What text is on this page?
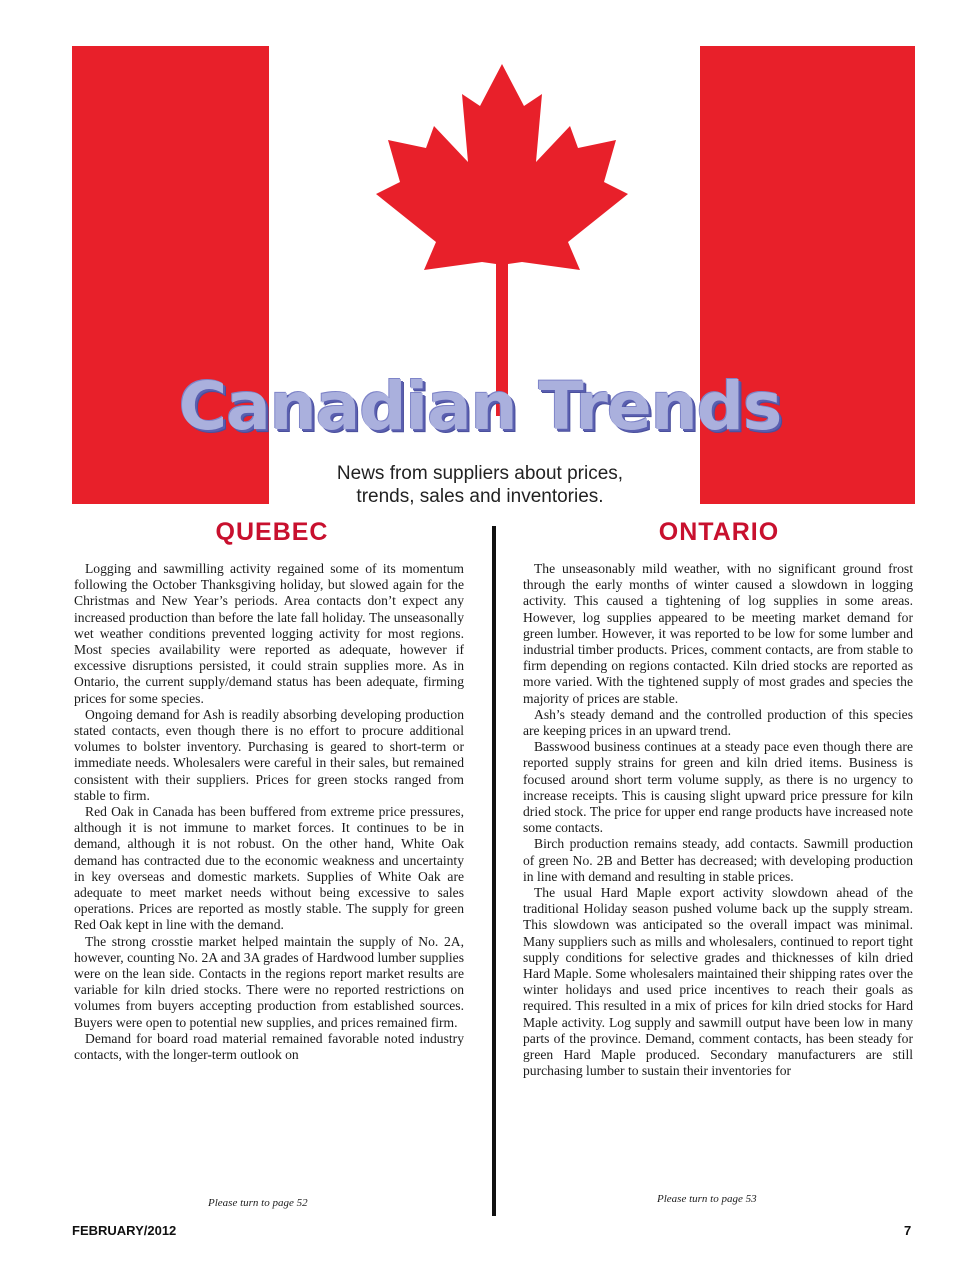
Canadian Trends
News from suppliers about prices,
trends, sales and inventories.
QUEBEC	ONTARIO

Logging and sawmilling activity regained some of its momentum following the October Thanksgiving holiday, but slowed again for the Christmas and New Year’s periods. Area contacts don’t expect any increased production than before the late fall holiday. The unseasonally wet weather conditions prevented logging activity for most regions. Most species availability were reported as adequate, however if excessive disruptions persisted, it could strain supplies more. As in Ontario, the current supply/demand status has been adequate, firming prices for some species.

Ongoing demand for Ash is readily absorbing developing production stated contacts, even though there is no effort to procure additional volumes to bolster inventory. Purchasing is geared to short-term or immediate needs. Wholesalers were careful in their sales, but remained consistent with their suppliers. Prices for green stocks ranged from stable to firm.

Red Oak in Canada has been buffered from extreme price pressures, although it is not immune to market forces. It continues to be in demand, although it is not robust. On the other hand, White Oak demand has contracted due to the economic weakness and uncertainty in key overseas and domestic markets. Supplies of White Oak are adequate to meet market needs without being excessive to sales operations. Prices are reported as mostly stable. The supply for green Red Oak kept in line with the demand.

The strong crosstie market helped maintain the supply of No. 2A, however, counting No. 2A and 3A grades of Hardwood lumber supplies were on the lean side. Contacts in the regions report market results are variable for kiln dried stocks. There were no reported restrictions on volumes from buyers accepting production from established sources. Buyers were open to potential new supplies, and prices remained firm.

Demand for board road material remained favorable noted industry contacts, with the longer-term outlook on

The unseasonably mild weather, with no significant ground frost through the early months of winter caused a slowdown in logging activity. This caused a tightening of log supplies in some areas. However, log supplies appeared to be meeting market demand for green lumber. However, it was reported to be low for some lumber and industrial timber products. Prices, comment contacts, are from stable to firm depending on regions contacted. Kiln dried stocks are reported as more varied. With the tightened supply of most grades and species the majority of prices are stable.

Ash’s steady demand and the controlled production of this species are keeping prices in an upward trend.

Basswood business continues at a steady pace even though there are reported supply strains for green and kiln dried items. Business is focused around short term volume supply, as there is no urgency to increase receipts. This is causing slight upward price pressure for kiln dried stock. The price for upper end range products have increased note some contacts.

Birch production remains steady, add contacts. Sawmill production of green No. 2B and Better has decreased; with developing production in line with demand and resulting in stable prices.

The usual Hard Maple export activity slowdown ahead of the traditional Holiday season pushed volume back up the supply stream. This slowdown was anticipated so the overall impact was minimal. Many suppliers such as mills and wholesalers, continued to report tight supply conditions for selective grades and thicknesses of kiln dried Hard Maple. Some wholesalers maintained their shipping rates over the winter holidays and used price incentives to reach their goals as required. This resulted in a mix of prices for kiln dried stocks for Hard Maple activity. Log supply and sawmill output have been low in many parts of the province. Demand, comment contacts, has been steady for green Hard Maple produced. Secondary manufacturers are still purchasing lumber to sustain their inventories for

Please turn to page 52	Please turn to page 53
FEBRUARY/2012	7
